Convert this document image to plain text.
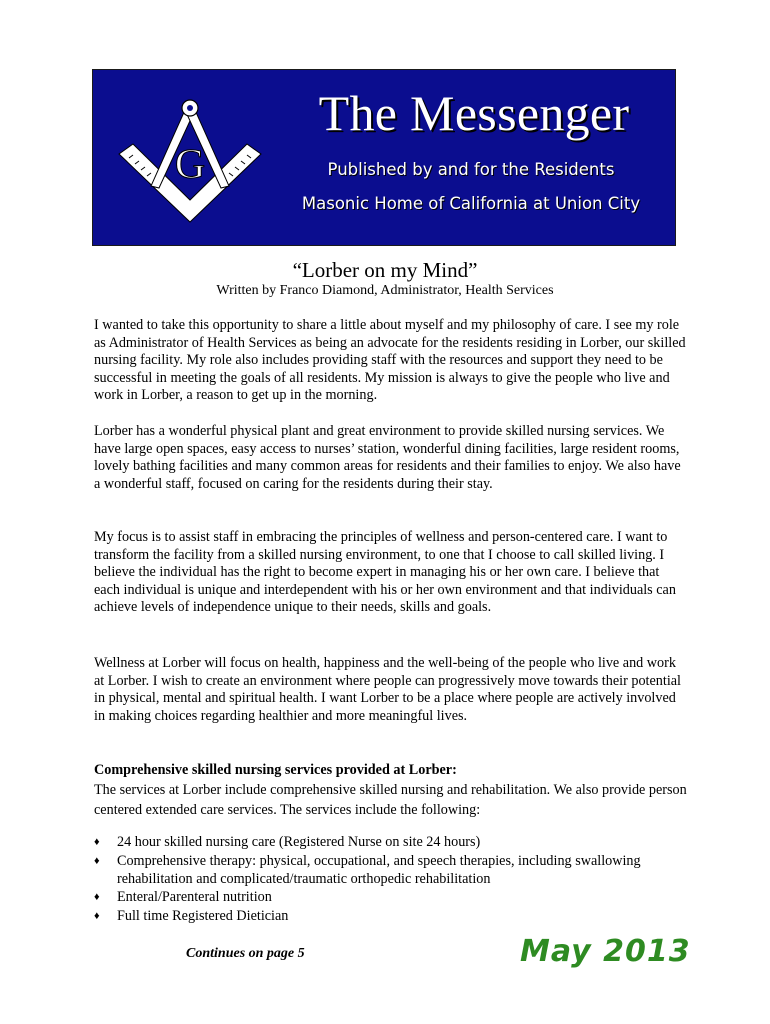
G
The Messenger
Published by and for the Residents
Masonic Home of California at Union City
“Lorber on my Mind”
Written by Franco Diamond, Administrator, Health Services
I wanted to take this opportunity to share a little about myself and my philosophy of care. I see my role as Administrator of Health Services as being an advocate for the residents residing in Lorber, our skilled nursing facility. My role also includes providing staff with the resources and support they need to be successful in meeting the goals of all residents. My mission is always to give the people who live and work in Lorber, a reason to get up in the morning.
Lorber has a wonderful physical plant and great environment to provide skilled nursing services. We have large open spaces, easy access to nurses’ station, wonderful dining facilities, large resident rooms, lovely bathing facilities and many common areas for residents and their families to enjoy. We also have a wonderful staff, focused on caring for the residents during their stay.
My focus is to assist staff in embracing the principles of wellness and person-centered care. I want to transform the facility from a skilled nursing environment, to one that I choose to call skilled living. I believe the individual has the right to become expert in managing his or her own care. I believe that each individual is unique and interdependent with his or her own environment and that individuals can achieve levels of independence unique to their needs, skills and goals.
Wellness at Lorber will focus on health, happiness and the well-being of the people who live and work at Lorber. I wish to create an environment where people can progressively move towards their potential in physical, mental and spiritual health. I want Lorber to be a place where people are actively involved in making choices regarding healthier and more meaningful lives.
Comprehensive skilled nursing services provided at Lorber:
The services at Lorber include comprehensive skilled nursing and rehabilitation. We also provide person centered extended care services. The services include the following:
♦ 24 hour skilled nursing care (Registered Nurse on site 24 hours)
♦ Comprehensive therapy: physical, occupational, and speech therapies, including swallowing rehabilitation and complicated/traumatic orthopedic rehabilitation
♦ Enteral/Parenteral nutrition
♦ Full time Registered Dietician
Continues on page 5	May 2013
